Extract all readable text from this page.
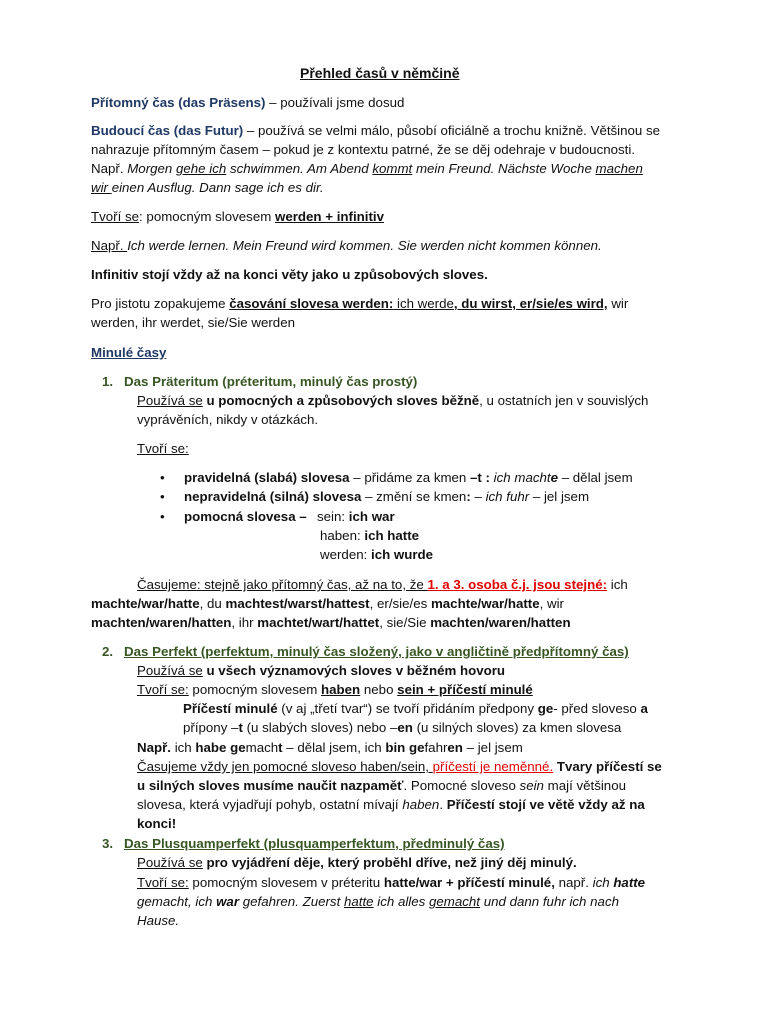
Přehled časů v němčině
Přítomný čas (das Präsens) – používali jsme dosud
Budoucí čas (das Futur) – používá se velmi málo, působí oficiálně a trochu knižně. Většinou se
nahrazuje přítomným časem – pokud je z kontextu patrné, že se děj odehraje v budoucnosti.
Např. Morgen gehe ich schwimmen. Am Abend kommt mein Freund. Nächste Woche machen
wir einen Ausflug. Dann sage ich es dir.
Tvoří se: pomocným slovesem werden + infinitiv
Např. Ich werde lernen. Mein Freund wird kommen. Sie werden nicht kommen können.
Infinitiv stojí vždy až na konci věty jako u způsobových sloves.
Pro jistotu zopakujeme časování slovesa werden: ich werde, du wirst, er/sie/es wird, wir
werden, ihr werdet, sie/Sie werden
Minulé časy
1. Das Präteritum (préteritum, minulý čas prostý)
Používá se u pomocných a způsobových sloves běžně, u ostatních jen v souvislých
vyprávěních, nikdy v otázkách.
Tvoří se:
• pravidelná (slabá) slovesa – přidáme za kmen –t : ich machte – dělal jsem
• nepravidelná (silná) slovesa – změní se kmen: – ich fuhr – jel jsem
• pomocná slovesa – sein: ich war
haben: ich hatte
werden: ich wurde
Časujeme: stejně jako přítomný čas, až na to, že 1. a 3. osoba č.j. jsou stejné: ich
machte/war/hatte, du machtest/warst/hattest, er/sie/es machte/war/hatte, wir
machten/waren/hatten, ihr machtet/wart/hattet, sie/Sie machten/waren/hatten
2. Das Perfekt (perfektum, minulý čas složený, jako v angličtině předpřítomný čas)
Používá se u všech významových sloves v běžném hovoru
Tvoří se: pomocným slovesem haben nebo sein + příčestí minulé
Příčestí minulé (v aj „třetí tvar“) se tvoří přidáním předpony ge- před sloveso a
přípony –t (u slabých sloves) nebo –en (u silných sloves) za kmen slovesa
Např. ich habe gemacht – dělal jsem, ich bin gefahren – jel jsem
Časujeme vždy jen pomocné sloveso haben/sein, příčestí je neměnné. Tvary příčestí se
u silných sloves musíme naučit nazpaměť. Pomocné sloveso sein mají většinou
slovesa, která vyjadřují pohyb, ostatní mívají haben. Příčestí stojí ve větě vždy až na
konci!
3. Das Plusquamperfekt (plusquamperfektum, předminulý čas)
Používá se pro vyjádření děje, který proběhl dříve, než jiný děj minulý.
Tvoří se: pomocným slovesem v préteritu hatte/war + příčestí minulé, např. ich hatte
gemacht, ich war gefahren. Zuerst hatte ich alles gemacht und dann fuhr ich nach
Hause.
